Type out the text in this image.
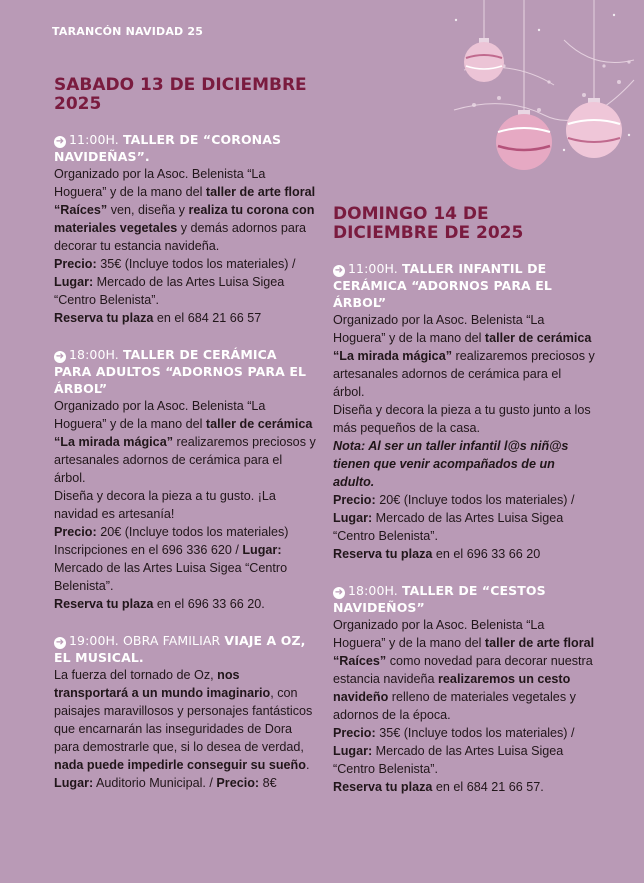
TARANCÓN NAVIDAD 25
SABADO 13 DE DICIEMBRE 2025
➜ 11:00H. TALLER DE “CORONAS NAVIDEÑAS”.
Organizado por la Asoc. Belenista “La Hoguera” y de la mano del taller de arte floral “Raíces” ven, diseña y realiza tu corona con materiales vegetales y demás adornos para decorar tu estancia navideña.
Precio: 35€ (Incluye todos los materiales) / Lugar: Mercado de las Artes Luisa Sigea “Centro Belenista”.
Reserva tu plaza en el 684 21 66 57
➜ 18:00H. TALLER DE CERÁMICA PARA ADULTOS “ADORNOS PARA EL ÁRBOL”
Organizado por la Asoc. Belenista “La Hoguera” y de la mano del taller de cerámica “La mirada mágica” realizaremos preciosos y artesanales adornos de cerámica para el árbol.
Diseña y decora la pieza a tu gusto. ¡La navidad es artesanía!
Precio: 20€ (Incluye todos los materiales) Inscripciones en el 696 336 620 / Lugar: Mercado de las Artes Luisa Sigea “Centro Belenista”.
Reserva tu plaza en el 696 33 66 20.
➜ 19:00H. OBRA FAMILIAR VIAJE A OZ, EL MUSICAL.
La fuerza del tornado de Oz, nos transportará a un mundo imaginario, con paisajes maravillosos y personajes fantásticos que encarnarán las inseguridades de Dora para demostrarle que, si lo desea de verdad, nada puede impedirle conseguir su sueño.
Lugar: Auditorio Municipal. / Precio: 8€
DOMINGO 14 DE DICIEMBRE DE 2025
➜ 11:00H. TALLER INFANTIL DE CERÁMICA “ADORNOS PARA EL ÁRBOL”
Organizado por la Asoc. Belenista “La Hoguera” y de la mano del taller de cerámica “La mirada mágica” realizaremos preciosos y artesanales adornos de cerámica para el árbol.
Diseña y decora la pieza a tu gusto junto a los más pequeños de la casa.
Nota: Al ser un taller infantil l@s niñ@s tienen que venir acompañados de un adulto.
Precio: 20€ (Incluye todos los materiales) / Lugar: Mercado de las Artes Luisa Sigea “Centro Belenista”.
Reserva tu plaza en el 696 33 66 20
➜ 18:00H. TALLER DE “CESTOS NAVIDEÑOS”
Organizado por la Asoc. Belenista “La Hoguera” y de la mano del taller de arte floral “Raíces” como novedad para decorar nuestra estancia navideña realizaremos un cesto navideño relleno de materiales vegetales y adornos de la época.
Precio: 35€ (Incluye todos los materiales) / Lugar: Mercado de las Artes Luisa Sigea “Centro Belenista”.
Reserva tu plaza en el 684 21 66 57.
